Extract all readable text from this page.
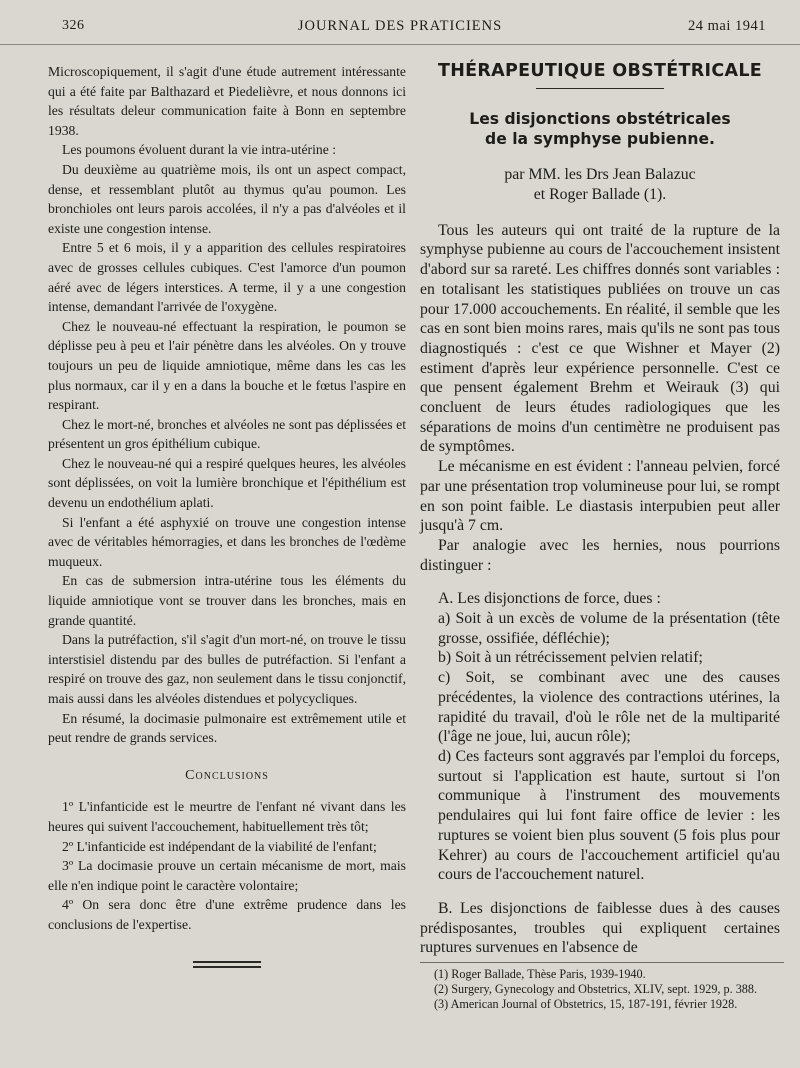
326	JOURNAL DES PRATICIENS	24 mai 1941

Microscopiquement, il s'agit d'une étude autrement intéressante qui a été faite par Balthazard et Piedelièvre, et nous donnons ici les résultats deleur communication faite à Bonn en septembre 1938.

Les poumons évoluent durant la vie intra-utérine :

Du deuxième au quatrième mois, ils ont un aspect compact, dense, et ressemblant plutôt au thymus qu'au poumon. Les bronchioles ont leurs parois accolées, il n'y a pas d'alvéoles et il existe une congestion intense.

Entre 5 et 6 mois, il y a apparition des cellules respiratoires avec de grosses cellules cubiques. C'est l'amorce d'un poumon aéré avec de légers interstices. A terme, il y a une congestion intense, demandant l'arrivée de l'oxygène.

Chez le nouveau-né effectuant la respiration, le poumon se déplisse peu à peu et l'air pénètre dans les alvéoles. On y trouve toujours un peu de liquide amniotique, même dans les cas les plus normaux, car il y en a dans la bouche et le fœtus l'aspire en respirant.

Chez le mort-né, bronches et alvéoles ne sont pas déplissées et présentent un gros épithélium cubique.

Chez le nouveau-né qui a respiré quelques heures, les alvéoles sont déplissées, on voit la lumière bronchique et l'épithélium est devenu un endothélium aplati.

Si l'enfant a été asphyxié on trouve une congestion intense avec de véritables hémorragies, et dans les bronches de l'œdème muqueux.

En cas de submersion intra-utérine tous les éléments du liquide amniotique vont se trouver dans les bronches, mais en grande quantité.

Dans la putréfaction, s'il s'agit d'un mort-né, on trouve le tissu interstisiel distendu par des bulles de putréfaction. Si l'enfant a respiré on trouve des gaz, non seulement dans le tissu conjonctif, mais aussi dans les alvéoles distendues et polycycliques.

En résumé, la docimasie pulmonaire est extrêmement utile et peut rendre de grands services.

Conclusions

1º L'infanticide est le meurtre de l'enfant né vivant dans les heures qui suivent l'accouchement, habituellement très tôt;

2º L'infanticide est indépendant de la viabilité de l'enfant;

3º La docimasie prouve un certain mécanisme de mort, mais elle n'en indique point le caractère volontaire;

4º On sera donc être d'une extrême prudence dans les conclusions de l'expertise.

THÉRAPEUTIQUE OBSTÉTRICALE
Les disjonctions obstétricales
de la symphyse pubienne.
par MM. les Drs Jean Balazuc
et Roger Ballade (1).

Tous les auteurs qui ont traité de la rupture de la symphyse pubienne au cours de l'accouchement insistent d'abord sur sa rareté. Les chiffres donnés sont variables : en totalisant les statistiques publiées on trouve un cas pour 17.000 accouchements. En réalité, il semble que les cas en sont bien moins rares, mais qu'ils ne sont pas tous diagnostiqués : c'est ce que Wishner et Mayer (2) estiment d'après leur expérience personnelle. C'est ce que pensent également Brehm et Weirauk (3) qui concluent de leurs études radiologiques que les séparations de moins d'un centimètre ne produisent pas de symptômes.

Le mécanisme en est évident : l'anneau pelvien, forcé par une présentation trop volumineuse pour lui, se rompt en son point faible. Le diastasis interpubien peut aller jusqu'à 7 cm.

Par analogie avec les hernies, nous pourrions distinguer :

A. Les disjonctions de force, dues :

a) Soit à un excès de volume de la présentation (tête grosse, ossifiée, défléchie);

b) Soit à un rétrécissement pelvien relatif;

c) Soit, se combinant avec une des causes précédentes, la violence des contractions utérines, la rapidité du travail, d'où le rôle net de la multiparité (l'âge ne joue, lui, aucun rôle);

d) Ces facteurs sont aggravés par l'emploi du forceps, surtout si l'application est haute, surtout si l'on communique à l'instrument des mouvements pendulaires qui lui font faire office de levier : les ruptures se voient bien plus souvent (5 fois plus pour Kehrer) au cours de l'accouchement artificiel qu'au cours de l'accouchement naturel.

B. Les disjonctions de faiblesse dues à des causes prédisposantes, troubles qui expliquent certaines ruptures survenues en l'absence de

(1) Roger Ballade, Thèse Paris, 1939-1940.
(2) Surgery, Gynecology and Obstetrics, XLIV, sept. 1929, p. 388.
(3) American Journal of Obstetrics, 15, 187-191, février 1928.
